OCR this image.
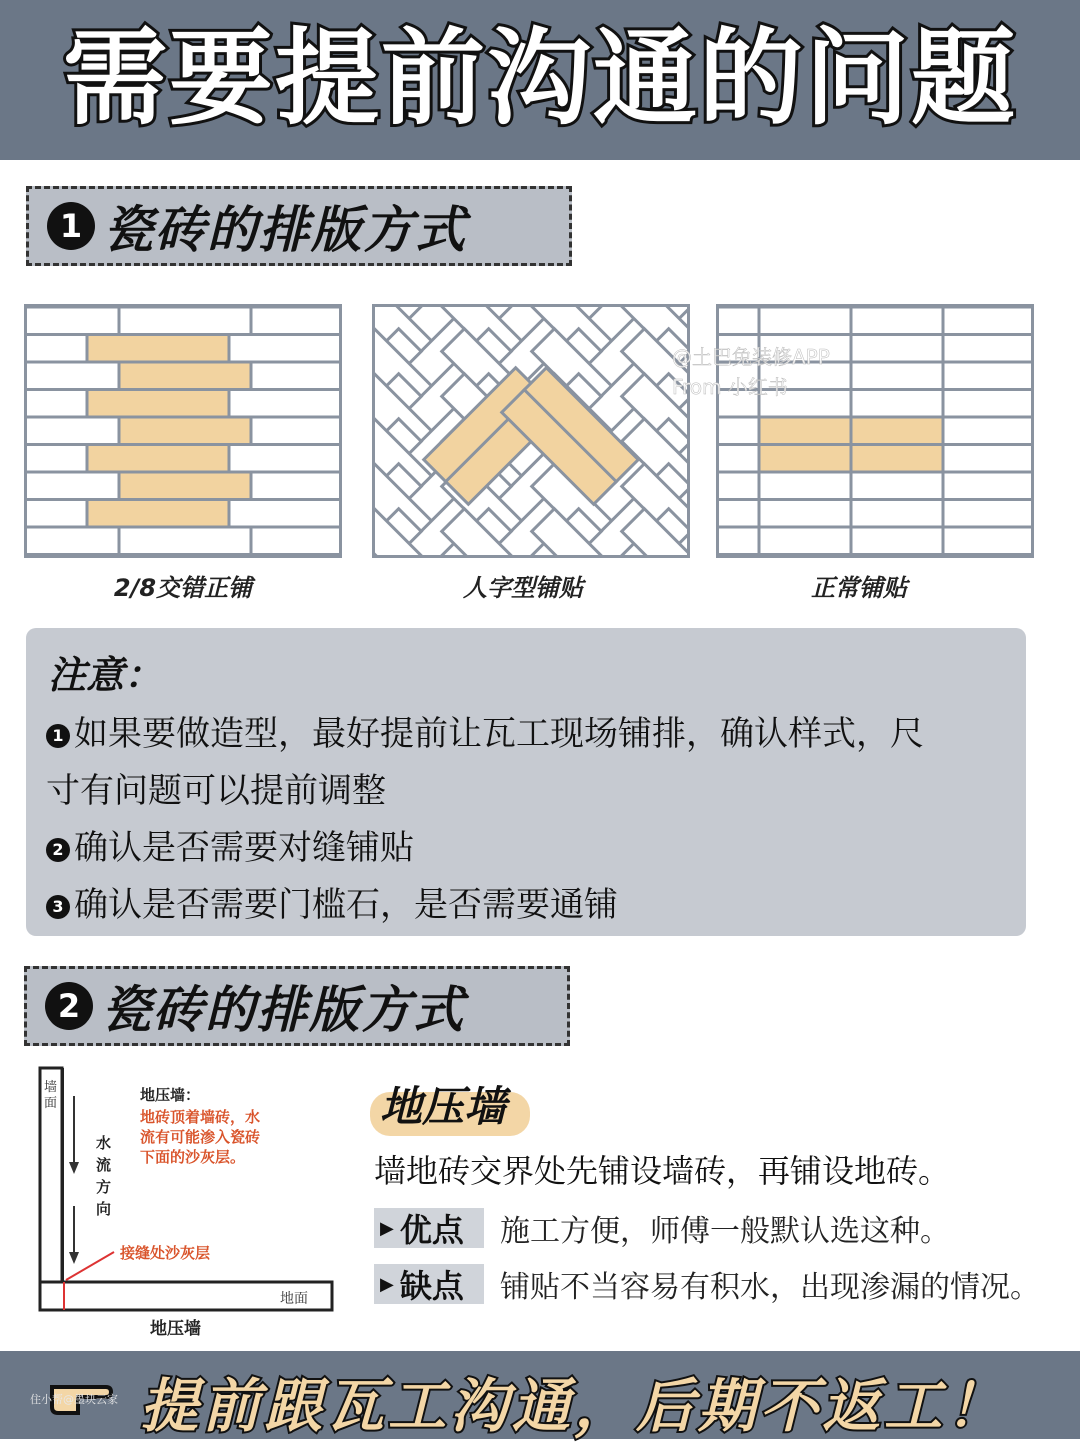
需要提前沟通的问题
1 瓷砖的排版方式
@土巴兔装修APP
From 小红书
2/8交错正铺	人字型铺贴	正常铺贴
注意：
1 如果要做造型，最好提前让瓦工现场铺排，确认样式，尺
寸有问题可以提前调整
2 确认是否需要对缝铺贴
3 确认是否需要门槛石，是否需要通铺
2 瓷砖的排版方式
墙面	地压墙：
地砖顶着墙砖，水
流有可能渗入瓷砖
下面的沙灰层。
水
流
方
向
接缝处沙灰层
地面
地压墙
地压墙
墙地砖交界处先铺设墙砖，再铺设地砖。
▶ 优点 施工方便，师傅一般默认选这种。
▶ 缺点 铺贴不当容易有积水，出现渗漏的情况。
提前跟瓦工沟通，后期不返工！
住小帮@墨块云家
